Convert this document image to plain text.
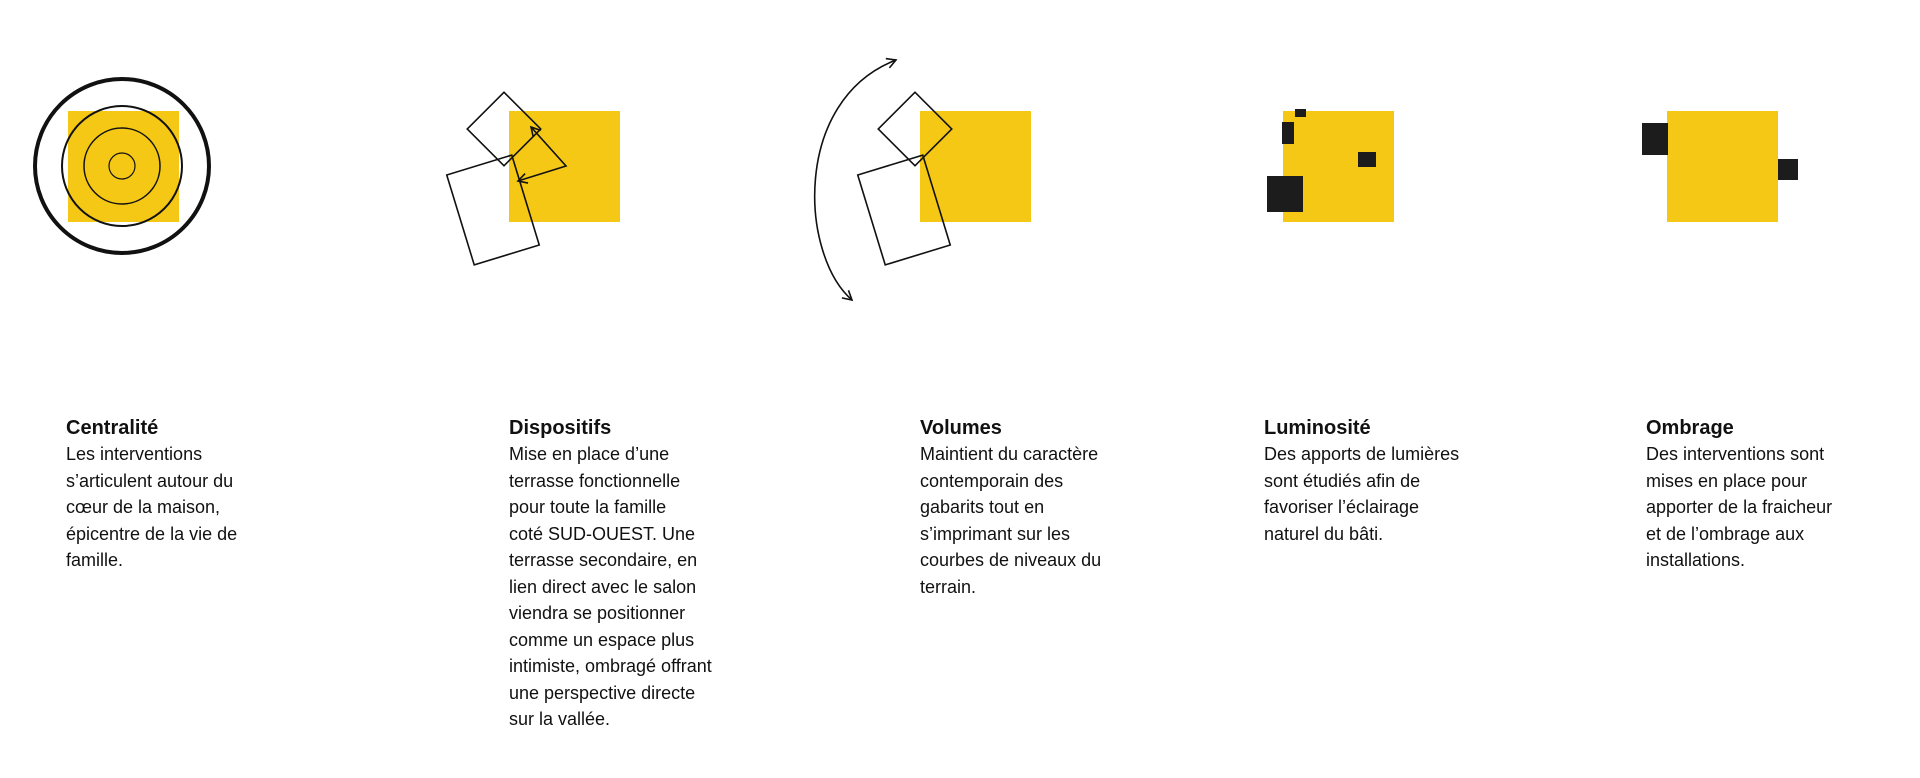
Centralité

Les interventions
s’articulent autour du
cœur de la maison,
épicentre de la vie de
famille.

Dispositifs

Mise en place d’une
terrasse fonctionnelle
pour toute la famille
coté SUD-OUEST. Une
terrasse secondaire, en
lien direct avec le salon
viendra se positionner
comme un espace plus
intimiste, ombragé offrant
une perspective directe
sur la vallée.

Volumes

Maintient du caractère
contemporain des
gabarits tout en
s’imprimant sur les
courbes de niveaux du
terrain.

Luminosité

Des apports de lumières
sont étudiés afin de
favoriser l’éclairage
naturel du bâti.

Ombrage

Des interventions sont
mises en place pour
apporter de la fraicheur
et de l’ombrage aux
installations.
